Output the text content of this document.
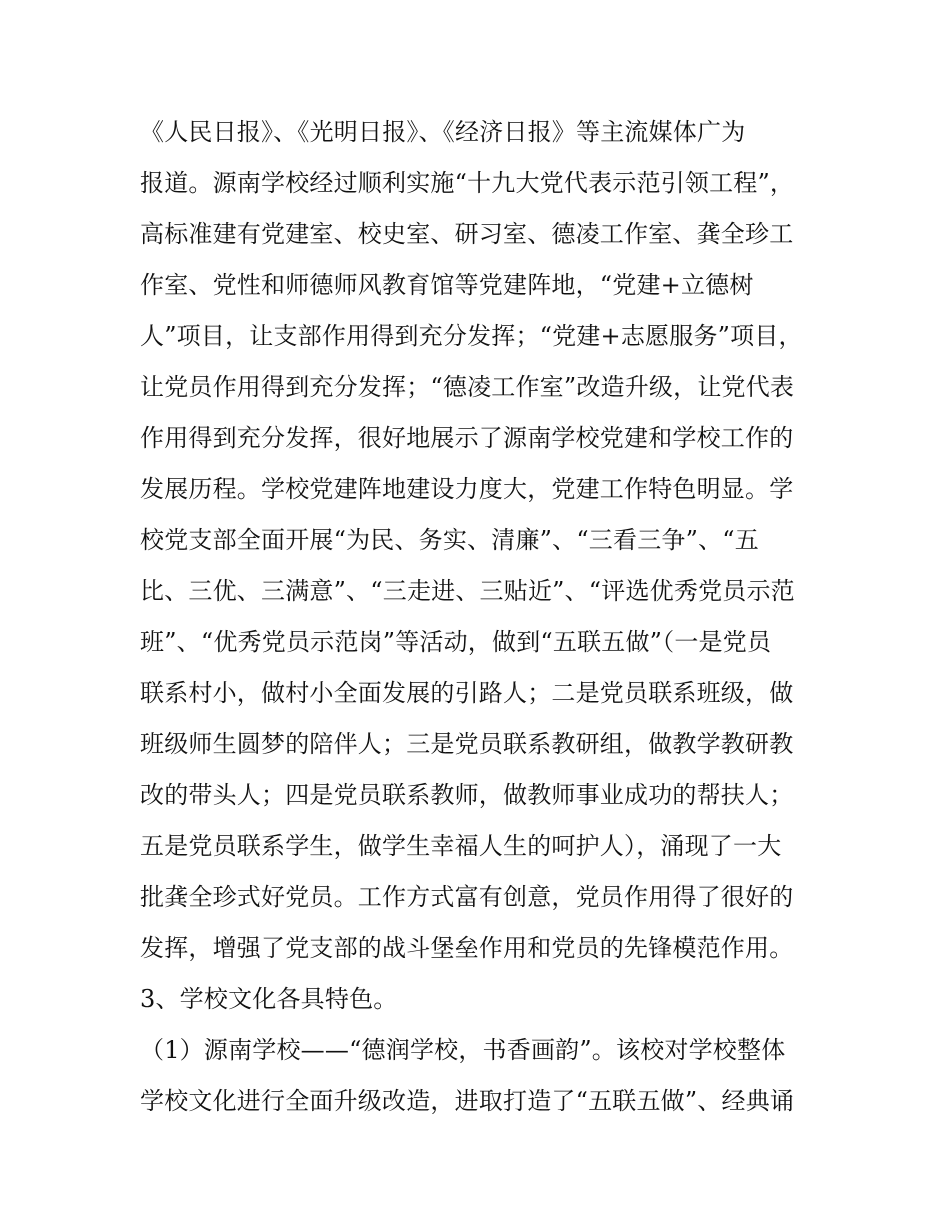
《人民日报》、《光明日报》、《经济日报》等主流媒体广为
报道。源南学校经过顺利实施“十九大党代表示范引领工程”，
高标准建有党建室、校史室、研习室、德凌工作室、龚全珍工
作室、党性和师德师风教育馆等党建阵地，“党建+立德树
人”项目，让支部作用得到充分发挥；“党建+志愿服务”项目，
让党员作用得到充分发挥；“德凌工作室”改造升级，让党代表
作用得到充分发挥，很好地展示了源南学校党建和学校工作的
发展历程。学校党建阵地建设力度大，党建工作特色明显。学
校党支部全面开展“为民、务实、清廉”、“三看三争”、“五
比、三优、三满意”、“三走进、三贴近”、“评选优秀党员示范
班”、“优秀党员示范岗”等活动，做到“五联五做”（一是党员
联系村小，做村小全面发展的引路人；二是党员联系班级，做
班级师生圆梦的陪伴人；三是党员联系教研组，做教学教研教
改的带头人；四是党员联系教师，做教师事业成功的帮扶人；
五是党员联系学生，做学生幸福人生的呵护人），涌现了一大
批龚全珍式好党员。工作方式富有创意，党员作用得了很好的
发挥，增强了党支部的战斗堡垒作用和党员的先锋模范作用。
3、学校文化各具特色。
（1）源南学校——“德润学校，书香画韵”。该校对学校整体
学校文化进行全面升级改造，进取打造了“五联五做”、经典诵
